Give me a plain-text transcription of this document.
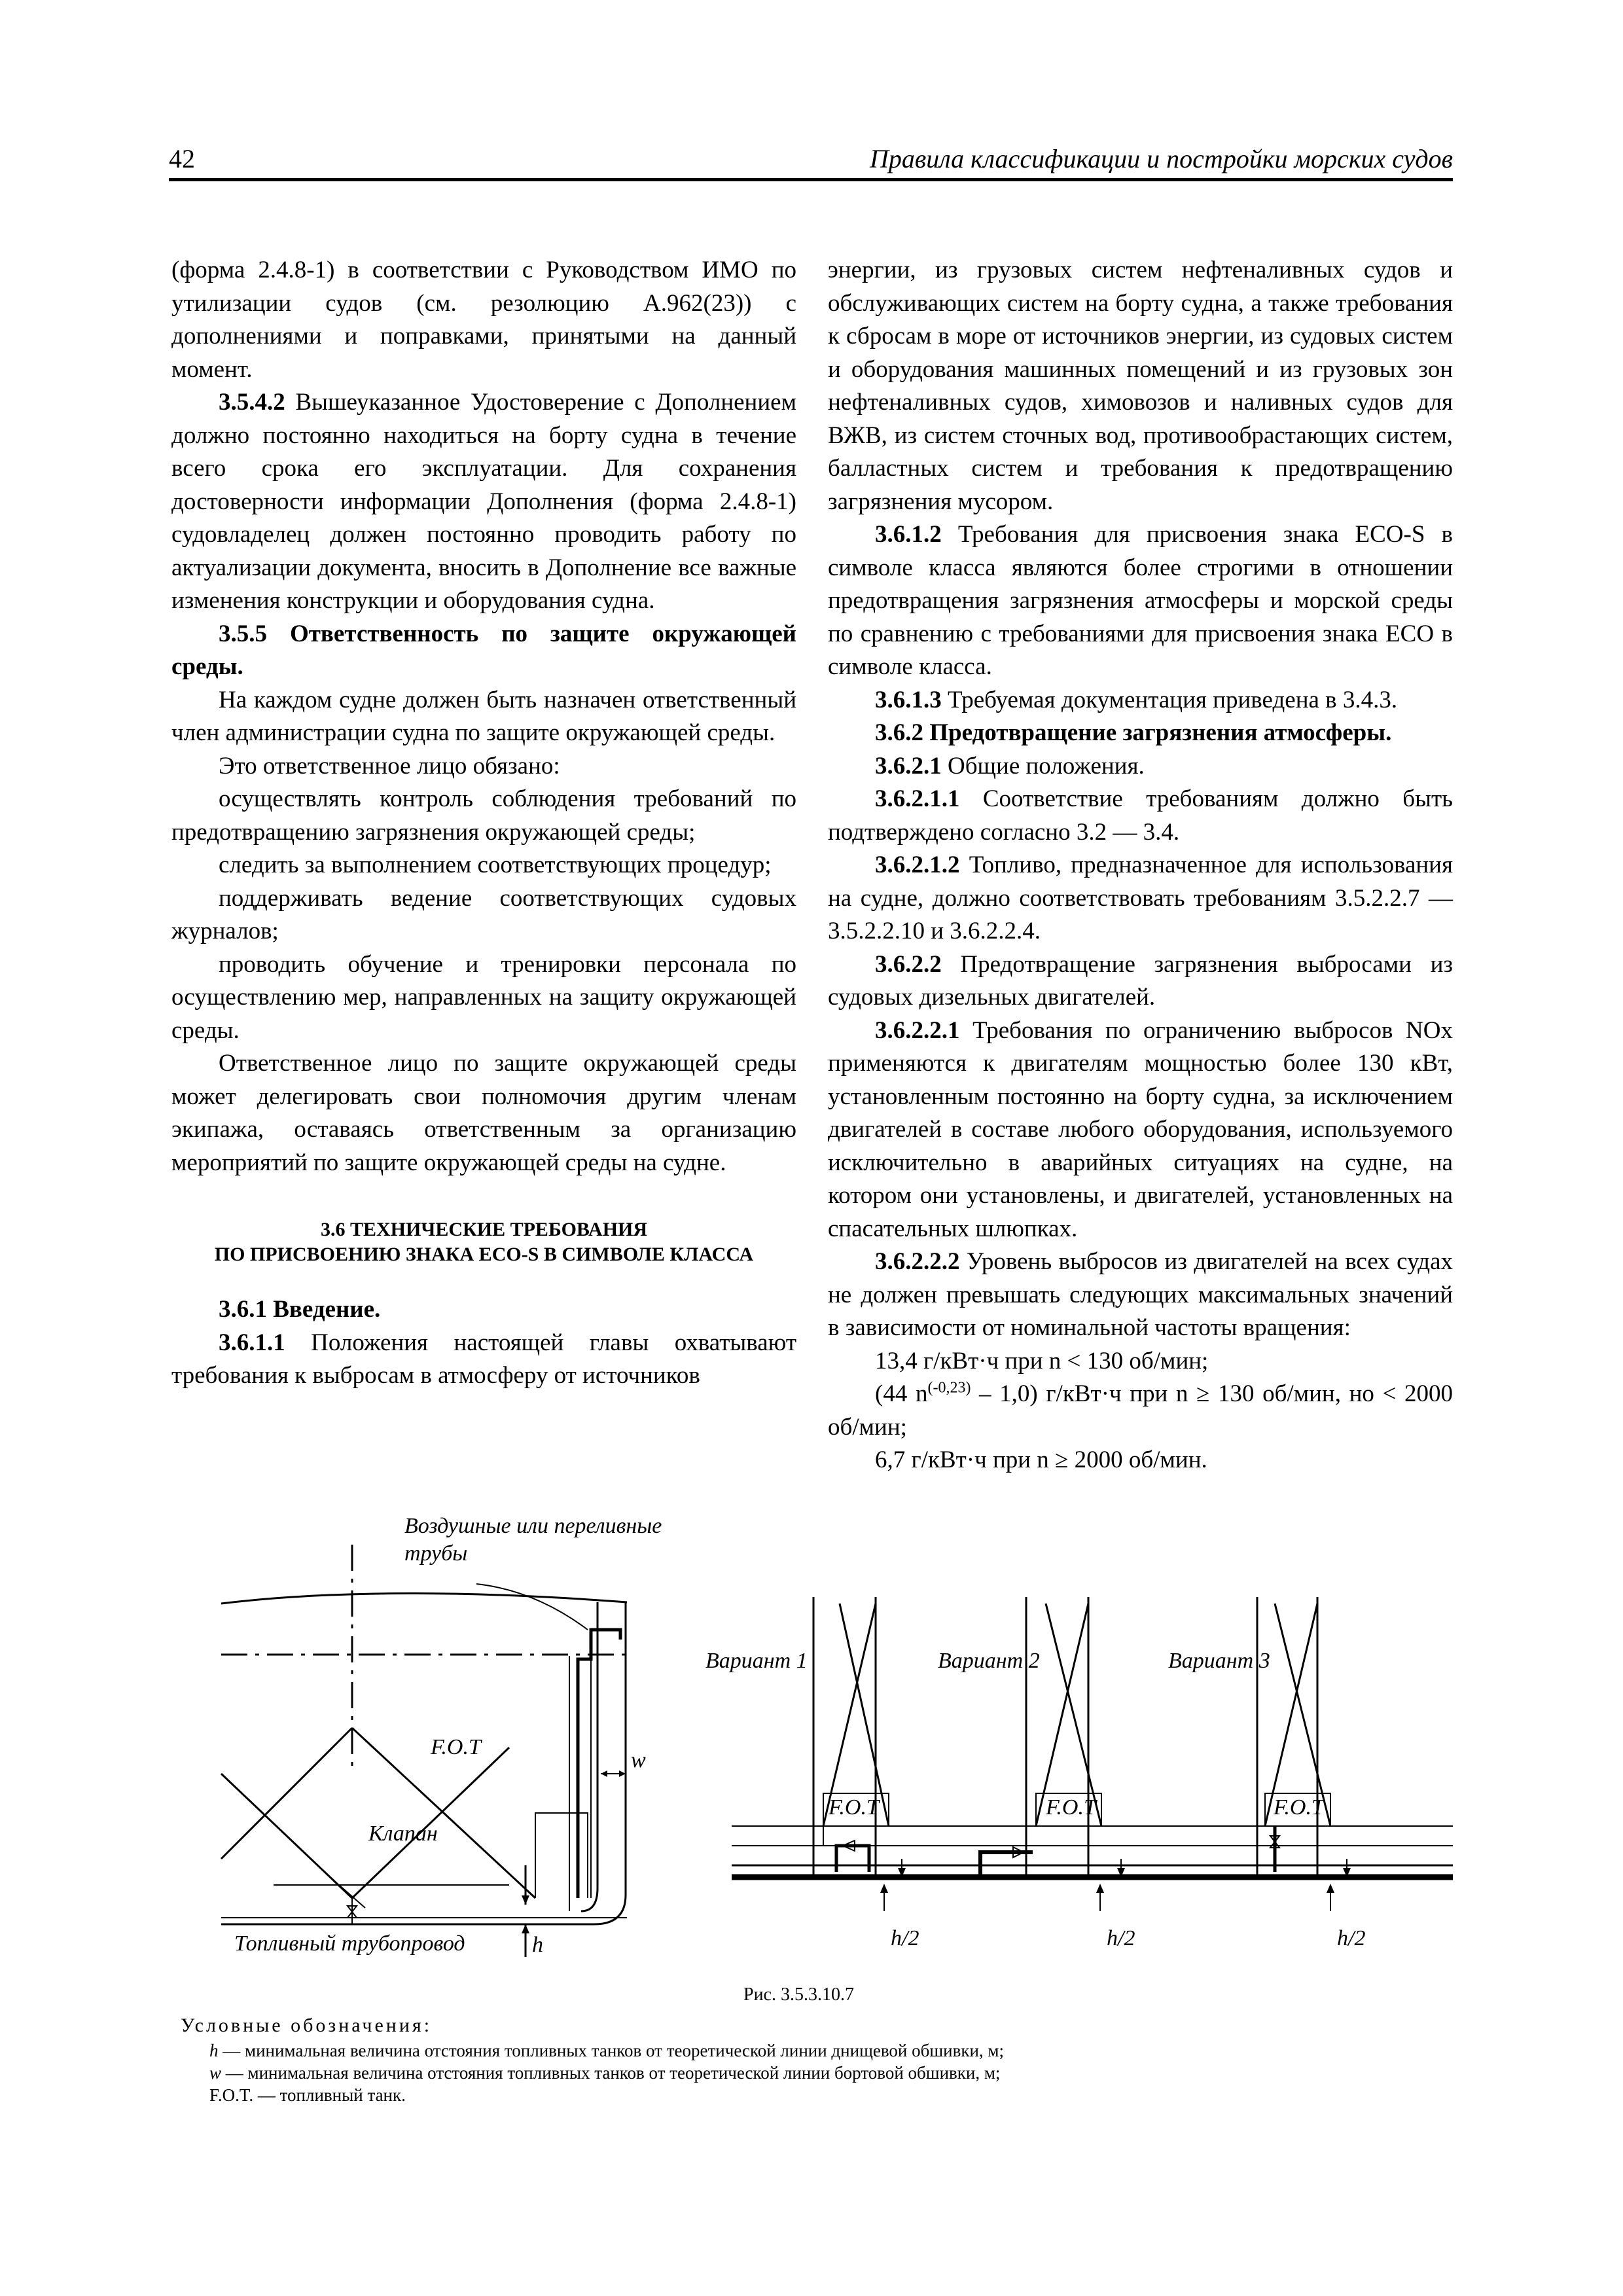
42	Правила классификации и постройки морских судов

(форма 2.4.8-1) в соответствии с Руководством ИМО по утилизации судов (см. резолюцию A.962(23)) с дополнениями и поправками, принятыми на данный момент.

3.5.4.2 Вышеуказанное Удостоверение с Дополнением должно постоянно находиться на борту судна в течение всего срока его эксплуатации. Для сохранения достоверности информации Дополнения (форма 2.4.8-1) судовладелец должен постоянно проводить работу по актуализации документа, вносить в Дополнение все важные изменения конструкции и оборудования судна.

3.5.5 Ответственность по защите окружающей среды.

На каждом судне должен быть назначен ответственный член администрации судна по защите окружающей среды.

Это ответственное лицо обязано:

осуществлять контроль соблюдения требований по предотвращению загрязнения окружающей среды;

следить за выполнением соответствующих процедур;

поддерживать ведение соответствующих судовых журналов;

проводить обучение и тренировки персонала по осуществлению мер, направленных на защиту окружающей среды.

Ответственное лицо по защите окружающей среды может делегировать свои полномочия другим членам экипажа, оставаясь ответственным за организацию мероприятий по защите окружающей среды на судне.

3.6 ТЕХНИЧЕСКИЕ ТРЕБОВАНИЯ
ПО ПРИСВОЕНИЮ ЗНАКА ECO-S В СИМВОЛЕ КЛАССА

3.6.1 Введение.

3.6.1.1 Положения настоящей главы охватывают требования к выбросам в атмосферу от источников

энергии, из грузовых систем нефтеналивных судов и обслуживающих систем на борту судна, а также требования к сбросам в море от источников энергии, из судовых систем и оборудования машинных помещений и из грузовых зон нефтеналивных судов, химовозов и наливных судов для ВЖВ, из систем сточных вод, противообрастающих систем, балластных систем и требования к предотвращению загрязнения мусором.

3.6.1.2 Требования для присвоения знака ECO-S в символе класса являются более строгими в отношении предотвращения загрязнения атмосферы и морской среды по сравнению с требованиями для присвоения знака ECO в символе класса.

3.6.1.3 Требуемая документация приведена в 3.4.3.

3.6.2 Предотвращение загрязнения атмосферы.

3.6.2.1 Общие положения.

3.6.2.1.1 Соответствие требованиям должно быть подтверждено согласно 3.2 — 3.4.

3.6.2.1.2 Топливо, предназначенное для использования на судне, должно соответствовать требованиям 3.5.2.2.7 — 3.5.2.2.10 и 3.6.2.2.4.

3.6.2.2 Предотвращение загрязнения выбросами из судовых дизельных двигателей.

3.6.2.2.1 Требования по ограничению выбросов NOx применяются к двигателям мощностью более 130 кВт, установленным постоянно на борту судна, за исключением двигателей в составе любого оборудования, используемого исключительно в аварийных ситуациях на судне, на котором они установлены, и двигателей, установленных на спасательных шлюпках.

3.6.2.2.2 Уровень выбросов из двигателей на всех судах не должен превышать следующих максимальных значений в зависимости от номинальной частоты вращения:

13,4 г/кВт·ч при n < 130 об/мин;

(44 $n^{(-0,23)} - 1,0$) г/кВт·ч при n ≥ 130 об/мин, но < 2000 об/мин;

6,7 г/кВт·ч при n ≥ 2000 об/мин.

Воздушные или переливные
трубы
F.O.T
Клапан
Топливный трубопровод	h
w
Вариант 1	Вариант 2	Вариант 3
F.O.T	F.O.T	F.O.T
h/2	h/2	h/2
Рис. 3.5.3.10.7
Условные обозначения:
h — минимальная величина отстояния топливных танков от теоретической линии днищевой обшивки, м;
w — минимальная величина отстояния топливных танков от теоретической линии бортовой обшивки, м;
F.O.T. — топливный танк.
